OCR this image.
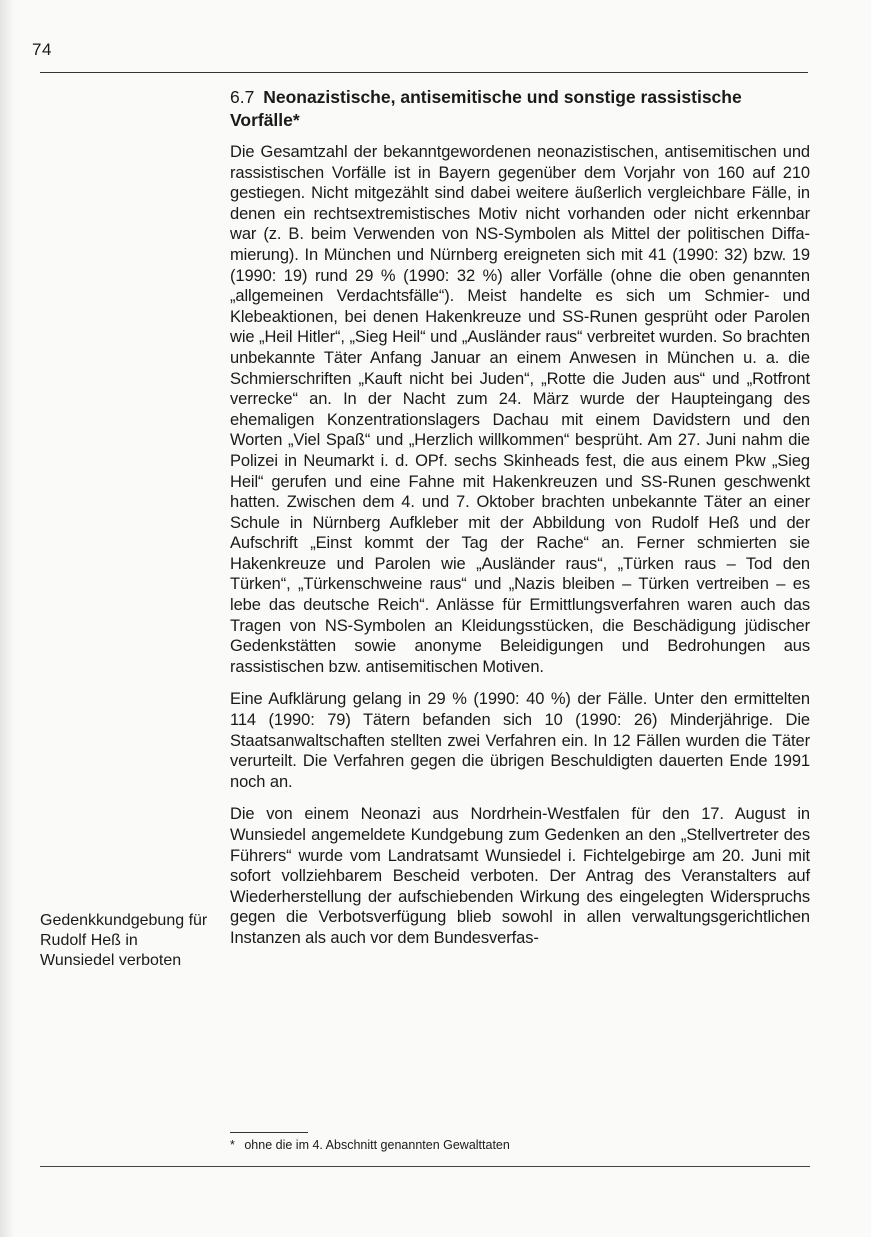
74
6.7 Neonazistische, antisemitische und sonstige rassistische Vorfälle*

Die Gesamtzahl der bekanntgewordenen neonazistischen, antisemitischen und rassistischen Vorfälle ist in Bayern gegenüber dem Vorjahr von 160 auf 210 gestiegen. Nicht mitgezählt sind dabei weitere äußerlich vergleichbare Fälle, in denen ein rechtsextremistisches Motiv nicht vorhanden oder nicht erkennbar war (z. B. beim Verwenden von NS-Symbolen als Mittel der politischen Diffamierung). In München und Nürnberg ereigneten sich mit 41 (1990: 32) bzw. 19 (1990: 19) rund 29 % (1990: 32 %) aller Vorfälle (ohne die oben genannten „allgemeinen Verdachtsfälle“). Meist handelte es sich um Schmier- und Klebeaktionen, bei denen Hakenkreuze und SS-Runen gesprüht oder Parolen wie „Heil Hitler“, „Sieg Heil“ und „Ausländer raus“ verbreitet wurden. So brachten unbekannte Täter Anfang Januar an einem Anwesen in München u. a. die Schmierschriften „Kauft nicht bei Juden“, „Rotte die Juden aus“ und „Rotfront verrecke“ an. In der Nacht zum 24. März wurde der Haupteingang des ehemaligen Konzentrationslagers Dachau mit einem Davidstern und den Worten „Viel Spaß“ und „Herzlich willkommen“ besprüht. Am 27. Juni nahm die Polizei in Neumarkt i. d. OPf. sechs Skinheads fest, die aus einem Pkw „Sieg Heil“ gerufen und eine Fahne mit Hakenkreuzen und SS-Runen geschwenkt hatten. Zwischen dem 4. und 7. Oktober brachten unbekannte Täter an einer Schule in Nürnberg Aufkleber mit der Abbildung von Rudolf Heß und der Aufschrift „Einst kommt der Tag der Rache“ an. Ferner schmierten sie Hakenkreuze und Parolen wie „Ausländer raus“, „Türken raus – Tod den Türken“, „Türkenschweine raus“ und „Nazis bleiben – Türken vertreiben – es lebe das deutsche Reich“. Anlässe für Ermittlungsverfahren waren auch das Tragen von NS-Symbolen an Kleidungsstücken, die Beschädigung jüdischer Gedenkstätten sowie anonyme Beleidigungen und Bedrohungen aus rassistischen bzw. antisemitischen Motiven.

Eine Aufklärung gelang in 29 % (1990: 40 %) der Fälle. Unter den ermittelten 114 (1990: 79) Tätern befanden sich 10 (1990: 26) Minderjährige. Die Staatsanwaltschaften stellten zwei Verfahren ein. In 12 Fällen wurden die Täter verurteilt. Die Verfahren gegen die übrigen Beschuldigten dauerten Ende 1991 noch an.

Die von einem Neonazi aus Nordrhein-Westfalen für den 17. August in Wunsiedel angemeldete Kundgebung zum Gedenken an den „Stellvertreter des Führers“ wurde vom Landratsamt Wunsiedel i. Fichtelgebirge am 20. Juni mit sofort vollziehbarem Bescheid verboten. Der Antrag des Veranstalters auf Wiederherstellung der aufschiebenden Wirkung des eingelegten Widerspruchs gegen die Verbotsverfügung blieb sowohl in allen verwaltungsgerichtlichen Instanzen als auch vor dem Bundesverfas-

Gedenkkundgebung für Rudolf Heß in Wunsiedel verboten
* ohne die im 4. Abschnitt genannten Gewalttaten
